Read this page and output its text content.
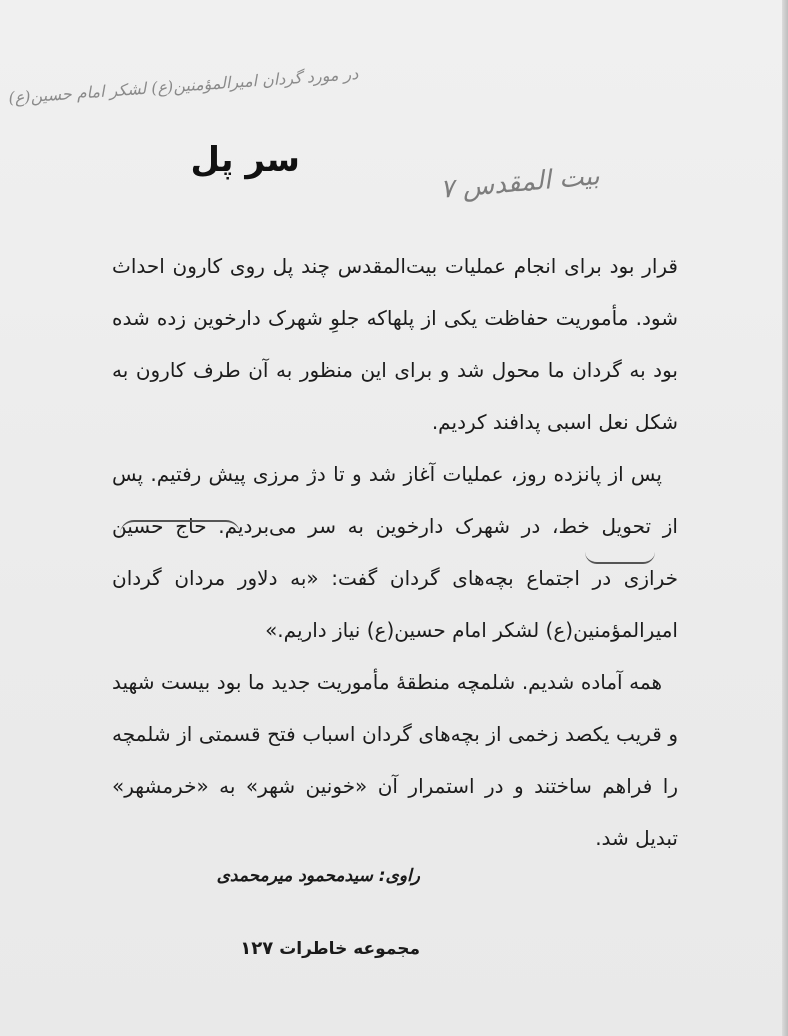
در مورد گردان امیرالمؤمنین(ع) لشکر امام حسین(ع)
۷ بیت المقدس
سر پل

قرار بود برای انجام عملیات بیت‌المقدس چند پل روی کارون احداث شود. مأموریت حفاظت یکی از پلهاکه جلوِ شهرک دارخوین زده شده بود به گردان ما محول شد و برای این منظور به آن طرف کارون به شکل نعل اسبی پدافند کردیم.

پس از پانزده روز، عملیات آغاز شد و تا دژ مرزی پیش رفتیم. پس از تحویل خط، در شهرک دارخوین به سر می‌بردیم. حاج حسین خرازی در اجتماع بچه‌های گردان گفت: «به دلاور مردان گردان امیرالمؤمنین(ع) لشکر امام حسین(ع) نیاز داریم.»

همه آماده شدیم. شلمچه منطقهٔ مأموریت جدید ما بود بیست شهید و قریب یکصد زخمی از بچه‌های گردان اسباب فتح قسمتی از شلمچه را فراهم ساختند و در استمرار آن «خونین شهر» به «خرمشهر» تبدیل شد.

راوی: سیدمحمود میرمحمدی
مجموعه خاطرات ۱۲۷
